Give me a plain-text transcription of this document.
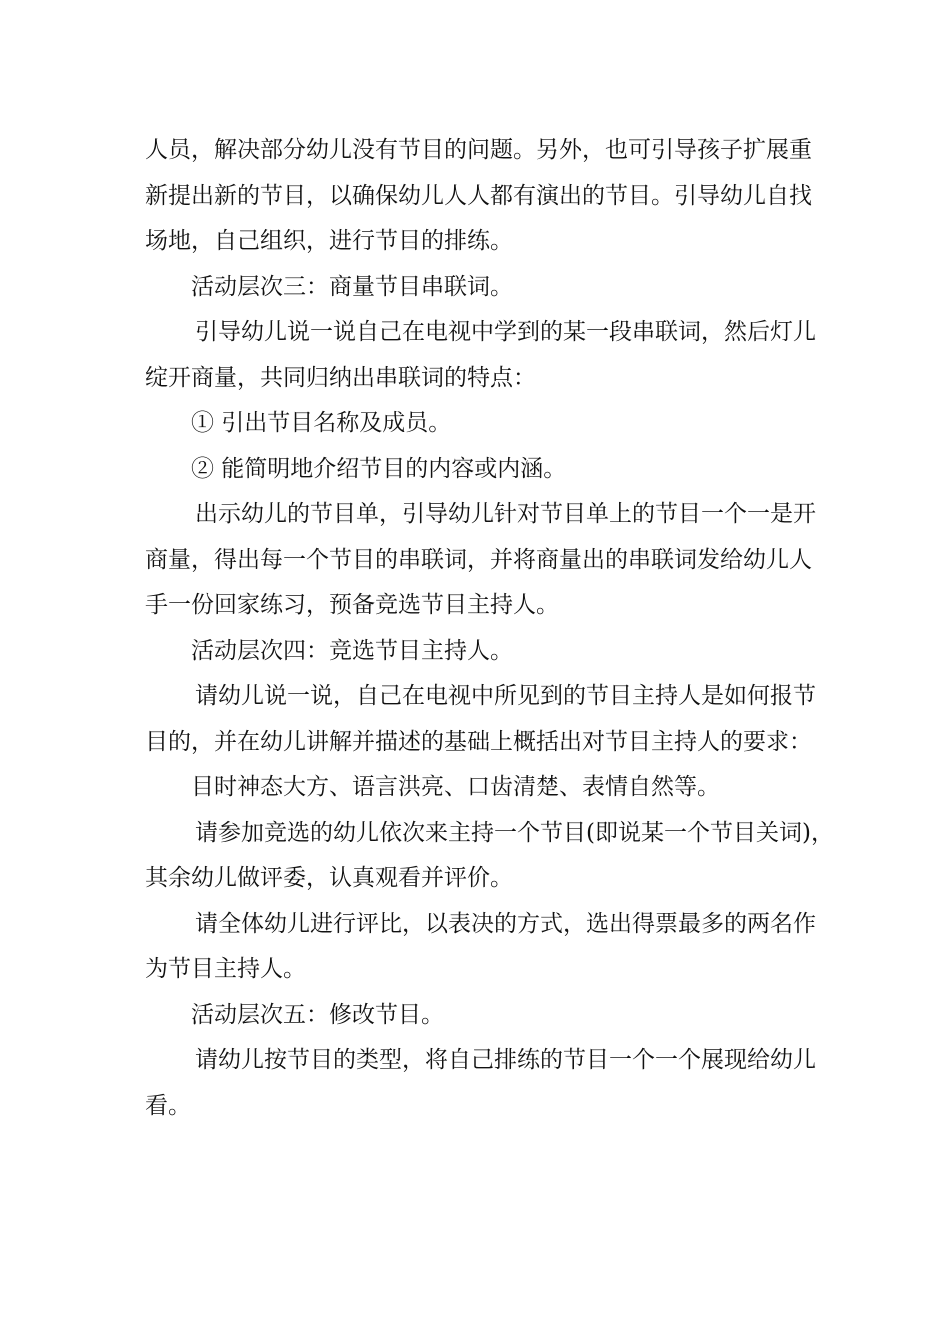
人员，解决部分幼儿没有节目的问题。另外，也可引导孩子扩展重
新提出新的节目，以确保幼儿人人都有演出的节目。引导幼儿自找
场地，自己组织，进行节目的排练。
活动层次三：商量节目串联词。
引导幼儿说一说自己在电视中学到的某一段串联词，然后灯儿
绽开商量，共同归纳出串联词的特点：
① 引出节目名称及成员。
② 能简明地介绍节目的内容或内涵。
出示幼儿的节目单，引导幼儿针对节目单上的节目一个一是开
商量，得出每一个节目的串联词，并将商量出的串联词发给幼儿人
手一份回家练习，预备竞选节目主持人。
活动层次四：竞选节目主持人。
请幼儿说一说，自己在电视中所见到的节目主持人是如何报节
目的，并在幼儿讲解并描述的基础上概括出对节目主持人的要求：
目时神态大方、语言洪亮、口齿清楚、表情自然等。
请参加竞选的幼儿依次来主持一个节目(即说某一个节目关词)，
其余幼儿做评委，认真观看并评价。
请全体幼儿进行评比，以表决的方式，选出得票最多的两名作
为节目主持人。
活动层次五：修改节目。
请幼儿按节目的类型，将自己排练的节目一个一个展现给幼儿
看。
